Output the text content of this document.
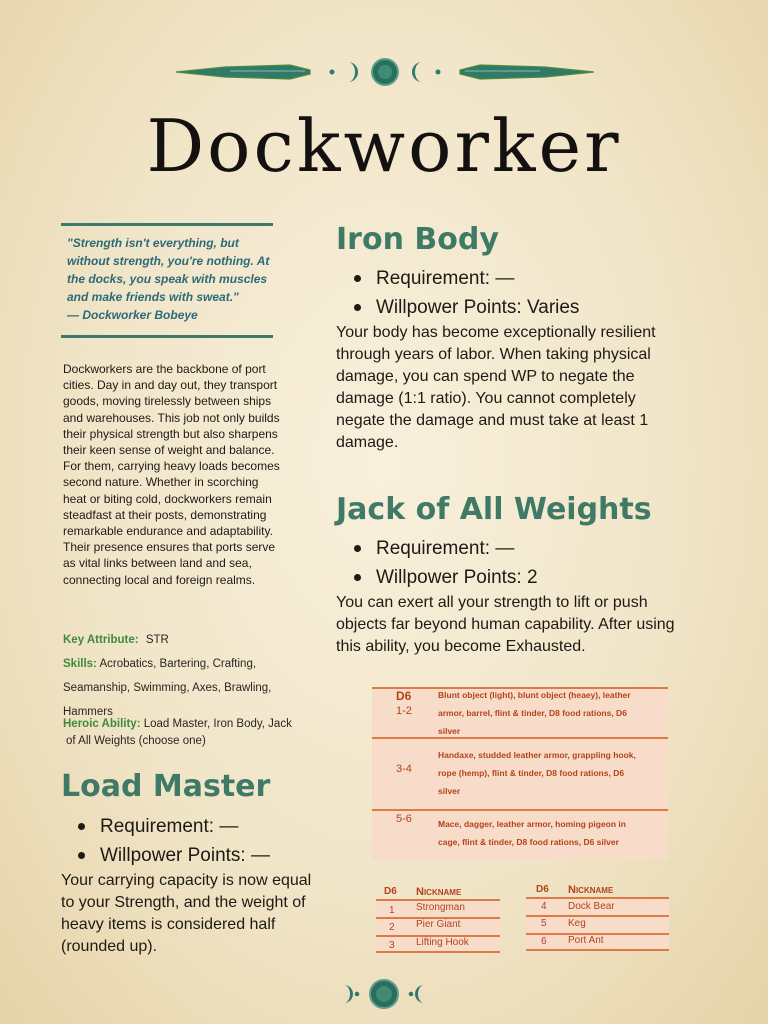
Dockworker
"Strength isn't everything, but without strength, you're nothing. At the docks, you speak with muscles and make friends with sweat."
— Dockworker Bobeye
Dockworkers are the backbone of port cities. Day in and day out, they transport goods, moving tirelessly between ships and warehouses. This job not only builds their physical strength but also sharpens their keen sense of weight and balance. For them, carrying heavy loads becomes second nature. Whether in scorching heat or biting cold, dockworkers remain steadfast at their posts, demonstrating remarkable endurance and adaptability. Their presence ensures that ports serve as vital links between land and sea, connecting local and foreign realms.
Key Attribute: STR
Skills: Acrobatics, Bartering, Crafting,
Seamanship, Swimming, Axes, Brawling,
Hammers
Heroic Ability: Load Master, Iron Body, Jack
of All Weights (choose one)
Load Master
Requirement: —
Willpower Points: —
Your carrying capacity is now equal to your Strength, and the weight of heavy items is considered half (rounded up).
Iron Body
Requirement: —
Willpower Points: Varies
Your body has become exceptionally resilient through years of labor. When taking physical damage, you can spend WP to negate the damage (1:1 ratio). You cannot completely negate the damage and must take at least 1 damage.
Jack of All Weights
Requirement: —
Willpower Points: 2
You can exert all your strength to lift or push objects far beyond human capability. After using this ability, you become Exhausted.
D6
1-2
Blunt object (light), blunt object (heaey), leather armor, barrel, flint & tinder, D8 food rations, D6 silver
3-4
Handaxe, studded leather armor, grappling hook, rope (hemp), flint & tinder, D8 food rations, D6 silver
5-6	Mace, dagger, leather armor, homing pigeon in cage, flint & tinder, D8 food rations, D6 silver
D6 NICKNAME
1 Strongman
2 Pier Giant
3 Lifting Hook
D6 NICKNAME
4 Dock Bear
5 Keg
6 Port Ant
